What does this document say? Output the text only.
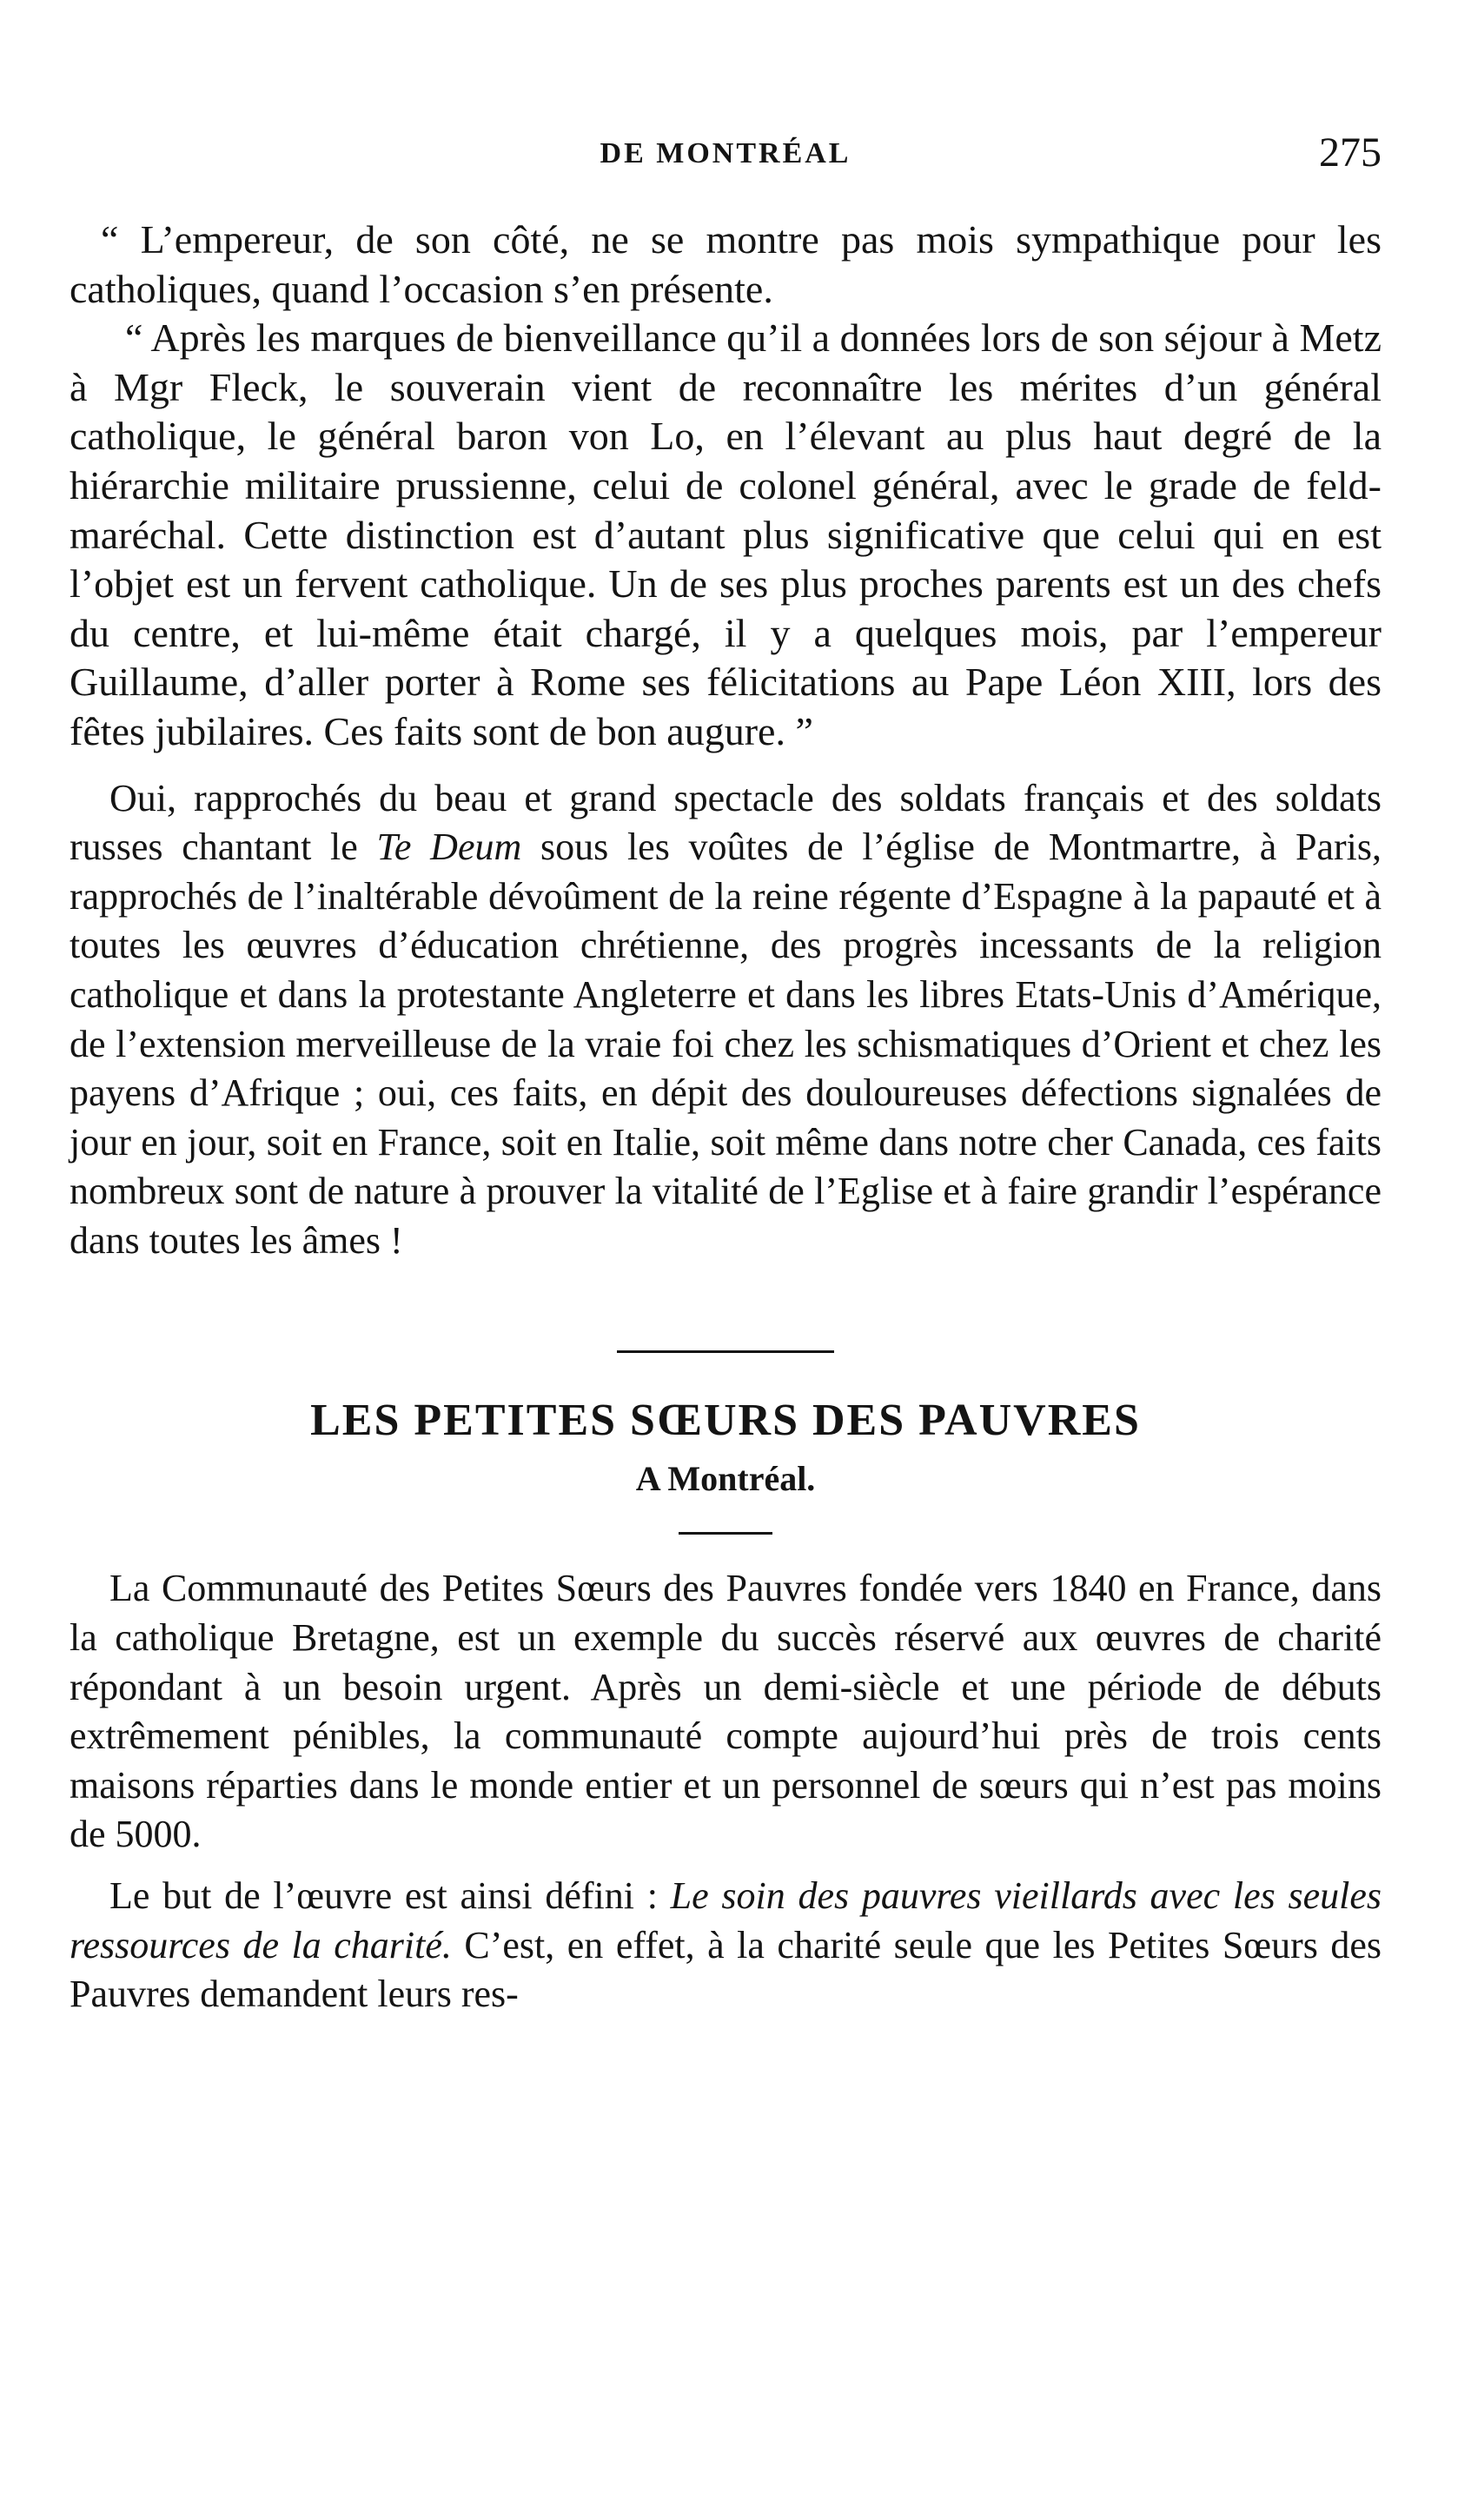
DE MONTRÉAL	275

“ L’empereur, de son côté, ne se montre pas mois sympathique pour les catholiques, quand l’occasion s’en présente.

“ Après les marques de bienveillance qu’il a données lors de son séjour à Metz à Mgr Fleck, le souverain vient de reconnaître les mérites d’un général catholique, le général baron von Lo, en l’élevant au plus haut degré de la hiérarchie militaire prussienne, celui de colonel général, avec le grade de feld-maréchal. Cette distinction est d’autant plus significative que celui qui en est l’objet est un fervent catholique. Un de ses plus proches parents est un des chefs du centre, et lui-même était chargé, il y a quelques mois, par l’empereur Guillaume, d’aller porter à Rome ses félicitations au Pape Léon XIII, lors des fêtes jubilaires. Ces faits sont de bon augure. ”

Oui, rapprochés du beau et grand spectacle des soldats français et des soldats russes chantant le Te Deum sous les voûtes de l’église de Montmartre, à Paris, rapprochés de l’inaltérable dévoûment de la reine régente d’Espagne à la papauté et à toutes les œuvres d’éducation chrétienne, des progrès incessants de la religion catholique et dans la protestante Angleterre et dans les libres Etats-Unis d’Amérique, de l’extension merveilleuse de la vraie foi chez les schismatiques d’Orient et chez les payens d’Afrique ; oui, ces faits, en dépit des douloureuses défections signalées de jour en jour, soit en France, soit en Italie, soit même dans notre cher Canada, ces faits nombreux sont de nature à prouver la vitalité de l’Eglise et à faire grandir l’espérance dans toutes les âmes !

LES PETITES SŒURS DES PAUVRES
A Montréal.

La Communauté des Petites Sœurs des Pauvres fondée vers 1840 en France, dans la catholique Bretagne, est un exemple du succès réservé aux œuvres de charité répondant à un besoin urgent. Après un demi-siècle et une période de débuts extrêmement pénibles, la communauté compte aujourd’hui près de trois cents maisons réparties dans le monde entier et un personnel de sœurs qui n’est pas moins de 5000.

Le but de l’œuvre est ainsi défini : Le soin des pauvres vieillards avec les seules ressources de la charité. C’est, en effet, à la charité seule que les Petites Sœurs des Pauvres demandent leurs res-
